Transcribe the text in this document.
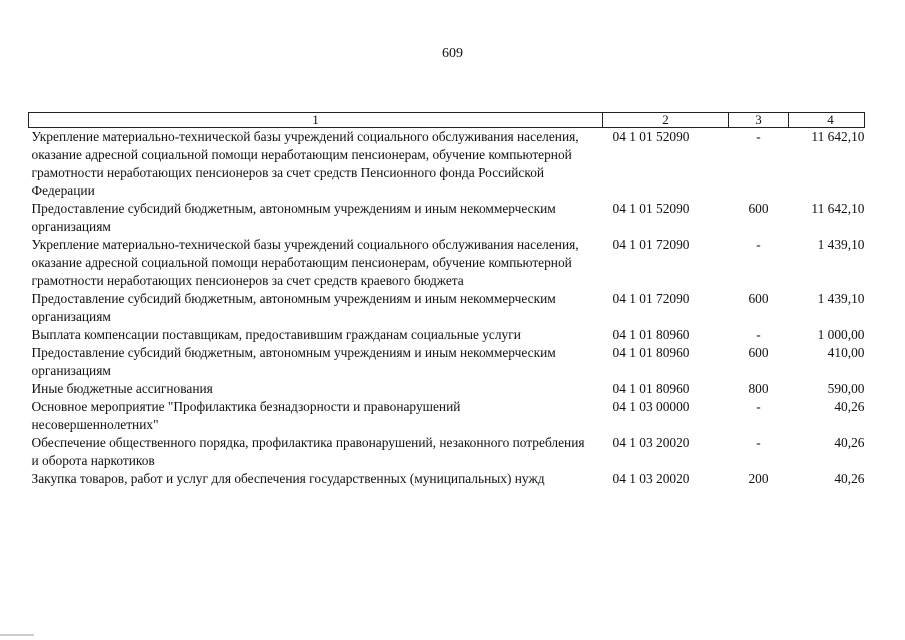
609
1	2	3	4
Укрепление материально-технической базы учреждений социального обслуживания населения, оказание адресной социальной помощи неработающим пенсионерам, обучение компьютерной грамотности неработающих пенсионеров за счет средств Пенсионного фонда Российской Федерации	04 1 01 52090	-	11 642,10
Предоставление субсидий бюджетным, автономным учреждениям и иным некоммерческим организациям	04 1 01 52090	600	11 642,10
Укрепление материально-технической базы учреждений социального обслуживания населения, оказание адресной социальной помощи неработающим пенсионерам, обучение компьютерной грамотности неработающих пенсионеров за счет средств краевого бюджета	04 1 01 72090	-	1 439,10
Предоставление субсидий бюджетным, автономным учреждениям и иным некоммерческим организациям	04 1 01 72090	600	1 439,10
Выплата компенсации поставщикам, предоставившим гражданам социальные услуги	04 1 01 80960	-	1 000,00
Предоставление субсидий бюджетным, автономным учреждениям и иным некоммерческим организациям	04 1 01 80960	600	410,00
Иные бюджетные ассигнования	04 1 01 80960	800	590,00
Основное мероприятие "Профилактика безнадзорности и правонарушений несовершеннолетних"	04 1 03 00000	-	40,26
Обеспечение общественного порядка, профилактика правонарушений, незаконного потребления и оборота наркотиков	04 1 03 20020	-	40,26
Закупка товаров, работ и услуг для обеспечения государственных (муниципальных) нужд	04 1 03 20020	200	40,26
